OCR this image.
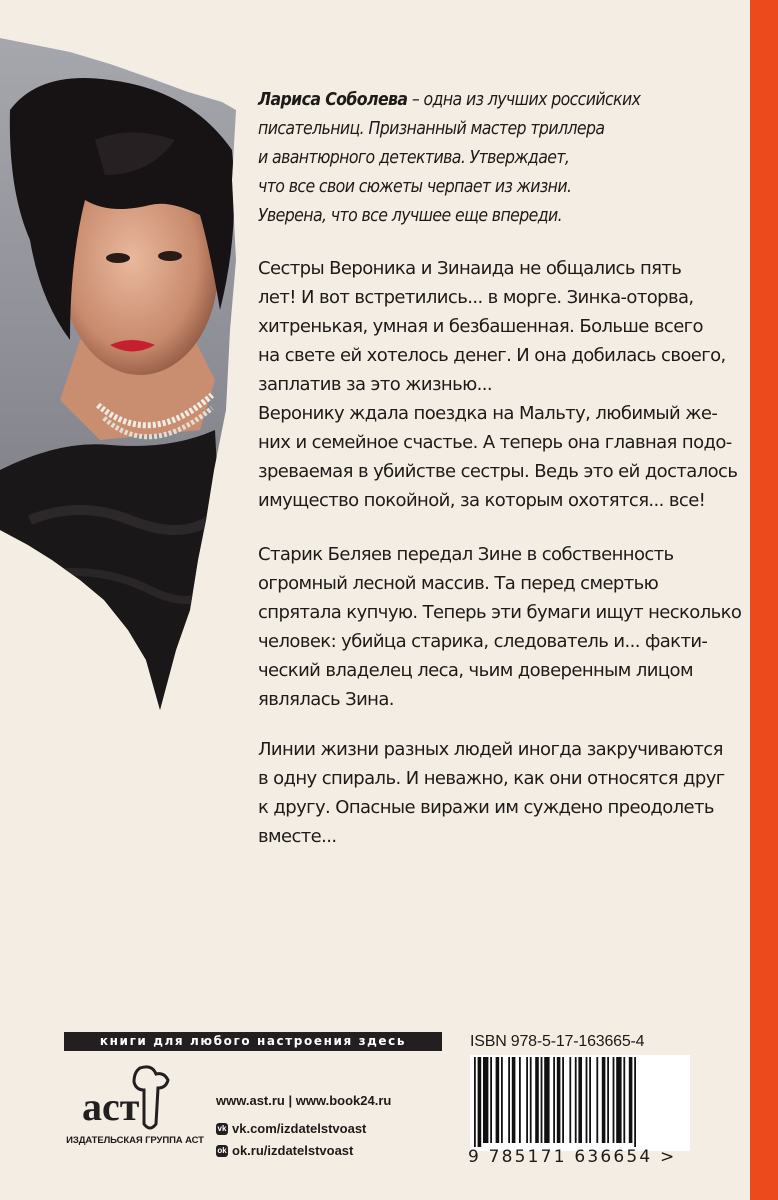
Лариса Соболева – одна из лучших российских
писательниц. Признанный мастер триллера
и авантюрного детектива. Утверждает,
что все свои сюжеты черпает из жизни.
Уверена, что все лучшее еще впереди.
Сестры Вероника и Зинаида не общались пять
лет! И вот встретились... в морге. Зинка-оторва,
хитренькая, умная и безбашенная. Больше всего
на свете ей хотелось денег. И она добилась своего,
заплатив за это жизнью...
Веронику ждала поездка на Мальту, любимый же-
них и семейное счастье. А теперь она главная подо-
зреваемая в убийстве сестры. Ведь это ей досталось
имущество покойной, за которым охотятся... все!
Старик Беляев передал Зине в собственность
огромный лесной массив. Та перед смертью
спрятала купчую. Теперь эти бумаги ищут несколько
человек: убийца старика, следователь и... факти-
ческий владелец леса, чьим доверенным лицом
являлась Зина.
Линии жизни разных людей иногда закручиваются
в одну спираль. И неважно, как они относятся друг
к другу. Опасные виражи им суждено преодолеть
вместе...
книги для любого настроения здесь
аст
ИЗДАТЕЛЬСКАЯ ГРУППА АСТ
www.ast.ru | www.book24.ru
vk vk.com/izdatelstvoast
ok ok.ru/izdatelstvoast
ISBN 978-5-17-163665-4
9 785171 636654 >
